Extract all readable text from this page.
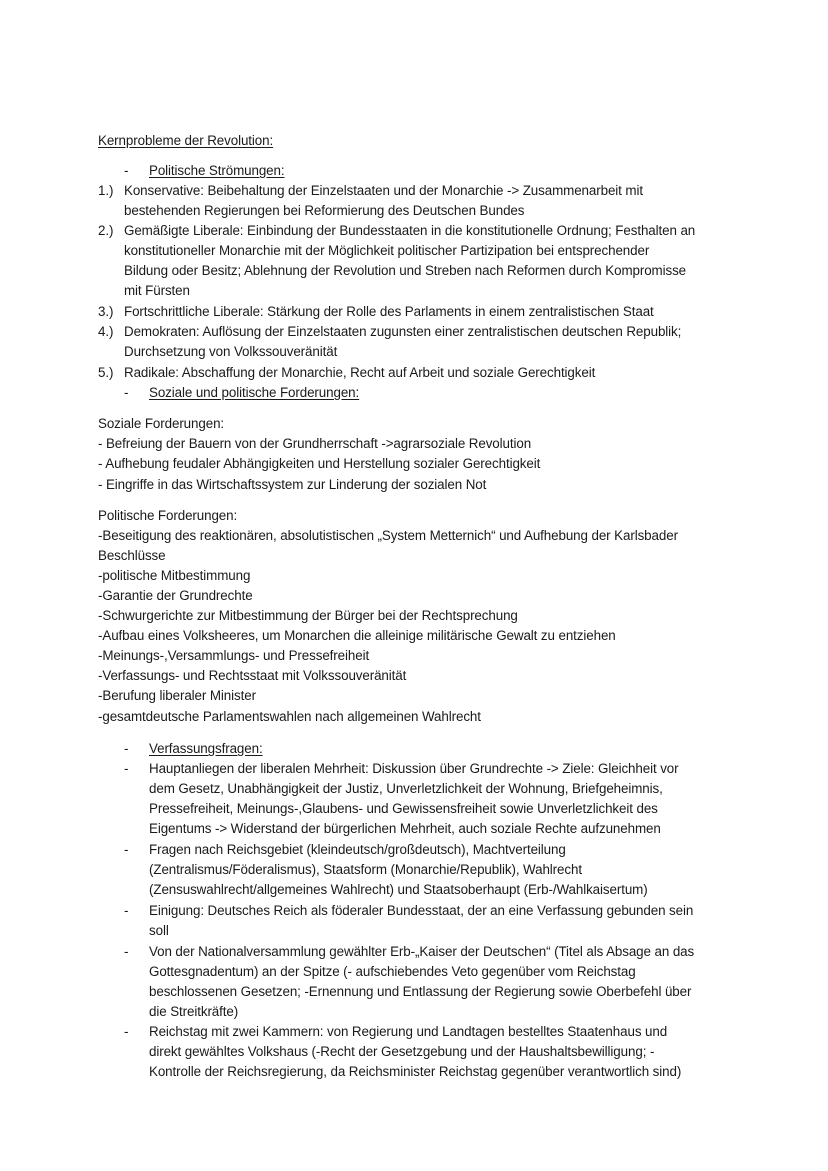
Kernprobleme der Revolution:
- Politische Strömungen:
1.) Konservative: Beibehaltung der Einzelstaaten und der Monarchie -> Zusammenarbeit mit
bestehenden Regierungen bei Reformierung des Deutschen Bundes
2.) Gemäßigte Liberale: Einbindung der Bundesstaaten in die konstitutionelle Ordnung; Festhalten an
konstitutioneller Monarchie mit der Möglichkeit politischer Partizipation bei entsprechender
Bildung oder Besitz; Ablehnung der Revolution und Streben nach Reformen durch Kompromisse
mit Fürsten
3.) Fortschrittliche Liberale: Stärkung der Rolle des Parlaments in einem zentralistischen Staat
4.) Demokraten: Auflösung der Einzelstaaten zugunsten einer zentralistischen deutschen Republik;
Durchsetzung von Volkssouveränität
5.) Radikale: Abschaffung der Monarchie, Recht auf Arbeit und soziale Gerechtigkeit
- Soziale und politische Forderungen:
Soziale Forderungen:
- Befreiung der Bauern von der Grundherrschaft ->agrarsoziale Revolution
- Aufhebung feudaler Abhängigkeiten und Herstellung sozialer Gerechtigkeit
- Eingriffe in das Wirtschaftssystem zur Linderung der sozialen Not
Politische Forderungen:
-Beseitigung des reaktionären, absolutistischen „System Metternich“ und Aufhebung der Karlsbader
Beschlüsse
-politische Mitbestimmung
-Garantie der Grundrechte
-Schwurgerichte zur Mitbestimmung der Bürger bei der Rechtsprechung
-Aufbau eines Volksheeres, um Monarchen die alleinige militärische Gewalt zu entziehen
-Meinungs-,Versammlungs- und Pressefreiheit
-Verfassungs- und Rechtsstaat mit Volkssouveränität
-Berufung liberaler Minister
-gesamtdeutsche Parlamentswahlen nach allgemeinen Wahlrecht
- Verfassungsfragen:
- Hauptanliegen der liberalen Mehrheit: Diskussion über Grundrechte -> Ziele: Gleichheit vor
dem Gesetz, Unabhängigkeit der Justiz, Unverletzlichkeit der Wohnung, Briefgeheimnis,
Pressefreiheit, Meinungs-,Glaubens- und Gewissensfreiheit sowie Unverletzlichkeit des
Eigentums -> Widerstand der bürgerlichen Mehrheit, auch soziale Rechte aufzunehmen
- Fragen nach Reichsgebiet (kleindeutsch/großdeutsch), Machtverteilung
(Zentralismus/Föderalismus), Staatsform (Monarchie/Republik), Wahlrecht
(Zensuswahlrecht/allgemeines Wahlrecht) und Staatsoberhaupt (Erb-/Wahlkaisertum)
- Einigung: Deutsches Reich als föderaler Bundesstaat, der an eine Verfassung gebunden sein
soll
- Von der Nationalversammlung gewählter Erb-„Kaiser der Deutschen“ (Titel als Absage an das
Gottesgnadentum) an der Spitze (- aufschiebendes Veto gegenüber vom Reichstag
beschlossenen Gesetzen; -Ernennung und Entlassung der Regierung sowie Oberbefehl über
die Streitkräfte)
- Reichstag mit zwei Kammern: von Regierung und Landtagen bestelltes Staatenhaus und
direkt gewähltes Volkshaus (-Recht der Gesetzgebung und der Haushaltsbewilligung; -
Kontrolle der Reichsregierung, da Reichsminister Reichstag gegenüber verantwortlich sind)
